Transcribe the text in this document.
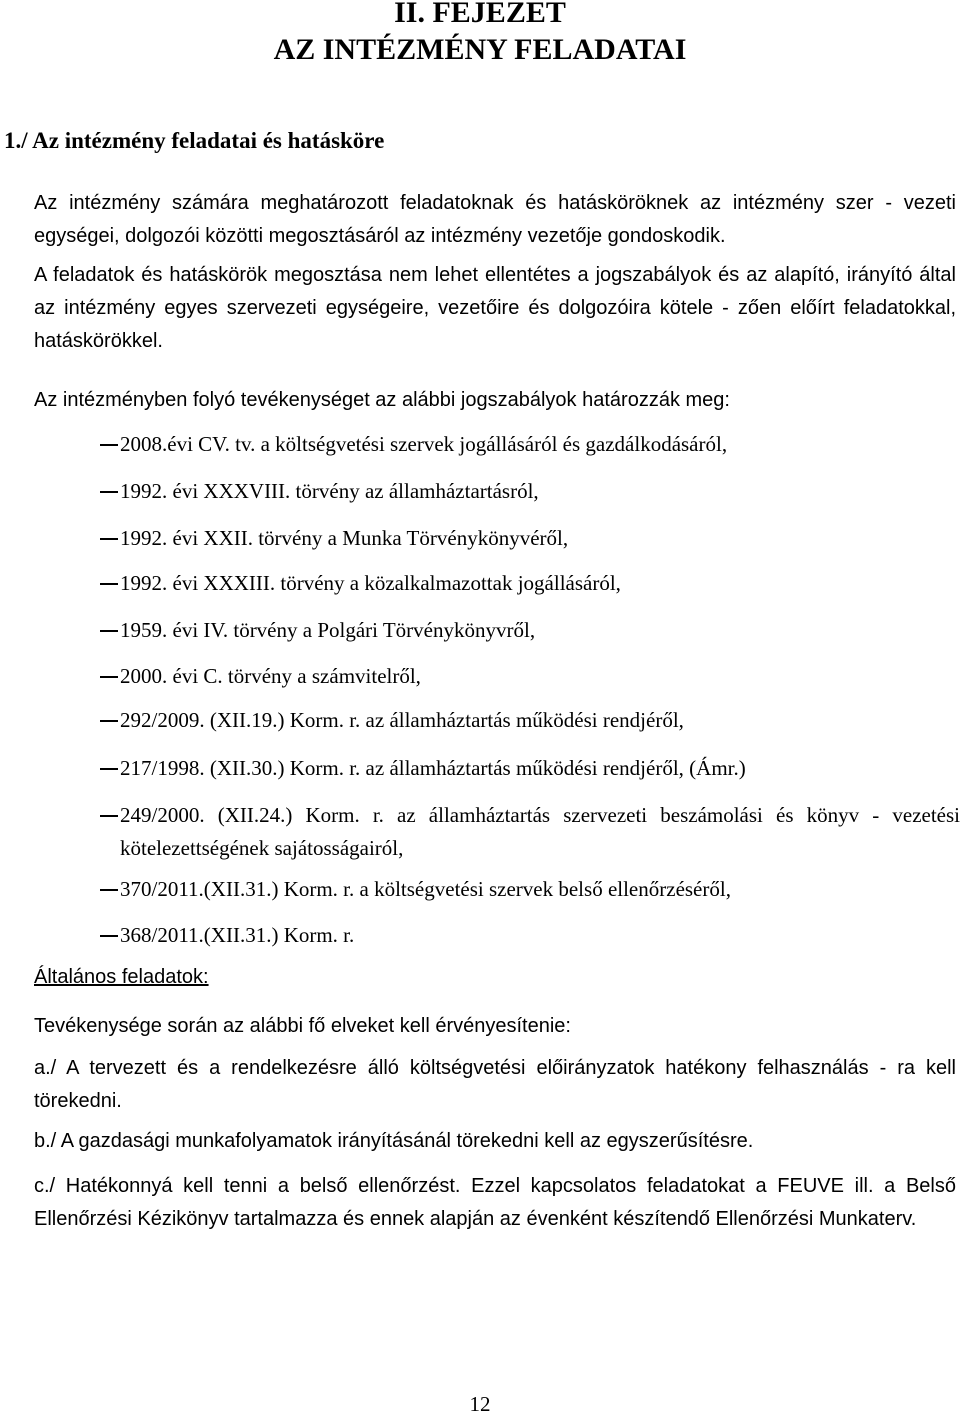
II. FEJEZET
AZ INTÉZMÉNY FELADATAI
1./ Az intézmény feladatai és hatásköre

Az intézmény számára meghatározott feladatoknak és hatásköröknek az intézmény szer - vezeti egységei, dolgozói közötti megosztásáról az intézmény vezetője gondoskodik.

A feladatok és hatáskörök megosztása nem lehet ellentétes a jogszabályok és az alapító, irányító által az intézmény egyes szervezeti egységeire, vezetőire és dolgozóira kötele - zően előírt feladatokkal, hatáskörökkel.

Az intézményben folyó tevékenységet az alábbi jogszabályok határozzák meg:

2008.évi CV. tv. a költségvetési szervek jogállásáról és gazdálkodásáról,
1992. évi XXXVIII. törvény az államháztartásról,
1992. évi XXII. törvény a Munka Törvénykönyvéről,
1992. évi XXXIII. törvény a közalkalmazottak jogállásáról,
1959. évi IV. törvény a Polgári Törvénykönyvről,
2000. évi C. törvény a számvitelről,
292/2009. (XII.19.) Korm. r. az államháztartás működési rendjéről,
217/1998. (XII.30.) Korm. r. az államháztartás működési rendjéről, (Ámr.)
249/2000. (XII.24.) Korm. r. az államháztartás szervezeti beszámolási és könyv - vezetési kötelezettségének sajátosságairól,
370/2011.(XII.31.) Korm. r. a költségvetési szervek belső ellenőrzéséről,
368/2011.(XII.31.) Korm. r.

Általános feladatok:

Tevékenysége során az alábbi fő elveket kell érvényesítenie:

a./ A tervezett és a rendelkezésre álló költségvetési előirányzatok hatékony felhasználás - ra kell törekedni.

b./ A gazdasági munkafolyamatok irányításánál törekedni kell az egyszerűsítésre.

c./ Hatékonnyá kell tenni a belső ellenőrzést. Ezzel kapcsolatos feladatokat a FEUVE ill. a Belső Ellenőrzési Kézikönyv tartalmazza és ennek alapján az évenként készítendő Ellenőrzési Munkaterv.

12
